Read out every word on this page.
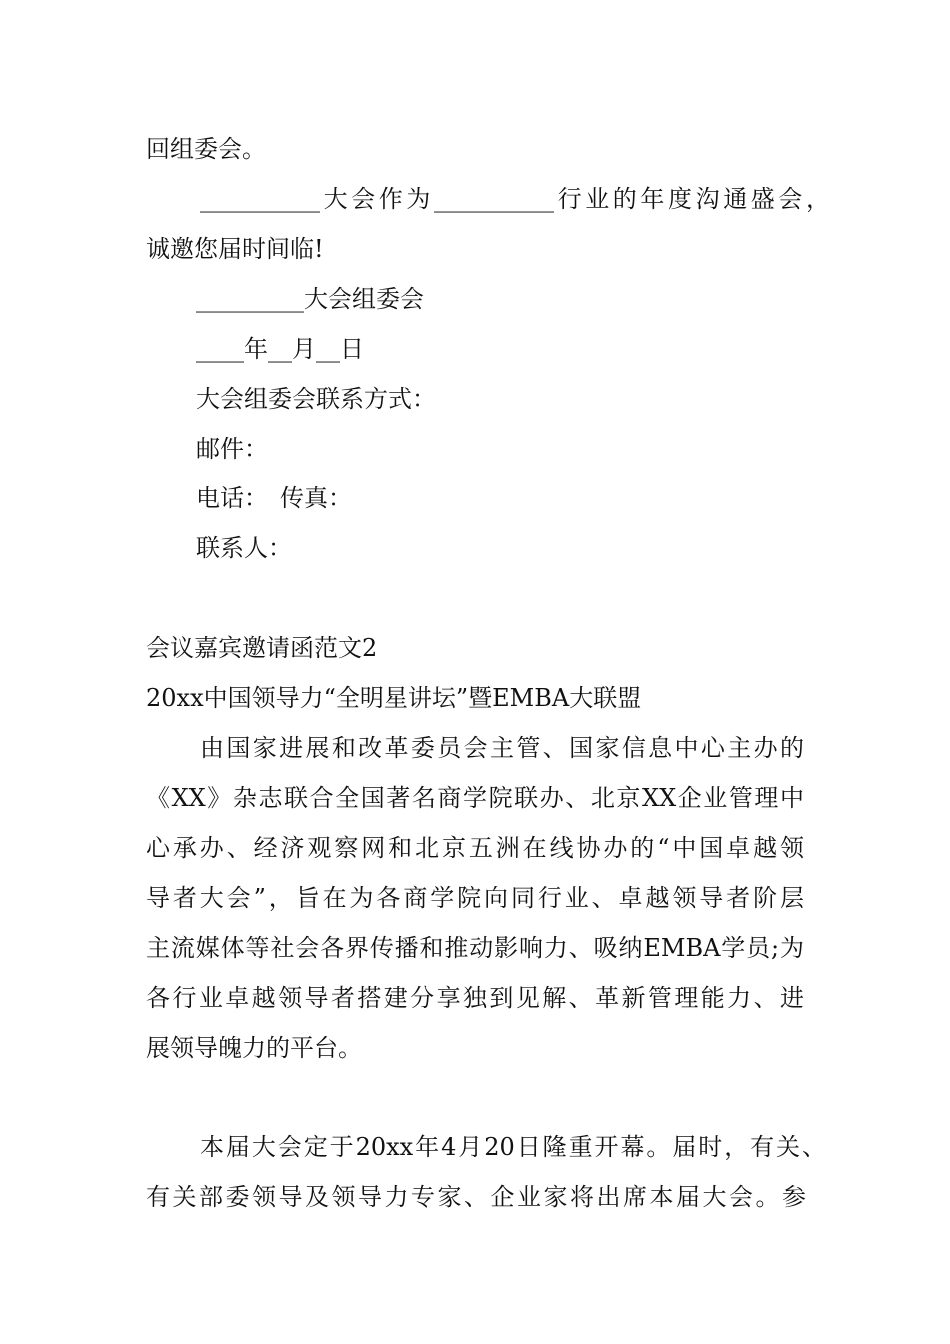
回组委会。
__________大会作为__________行业的年度沟通盛会，
诚邀您届时间临!
_________大会组委会
____年__月__日
大会组委会联系方式：
邮件：
电话：　传真：
联系人：
会议嘉宾邀请函范文2
20xx中国领导力“全明星讲坛”暨EMBA大联盟
由国家进展和改革委员会主管、国家信息中心主办的
《XX》杂志联合全国著名商学院联办、北京XX企业管理中
心承办、经济观察网和北京五洲在线协办的“中国卓越领
导者大会”，旨在为各商学院向同行业、卓越领导者阶层
主流媒体等社会各界传播和推动影响力、吸纳EMBA学员;为
各行业卓越领导者搭建分享独到见解、革新管理能力、进
展领导魄力的平台。
本届大会定于20xx年4月20日隆重开幕。届时，有关、
有关部委领导及领导力专家、企业家将出席本届大会。参
